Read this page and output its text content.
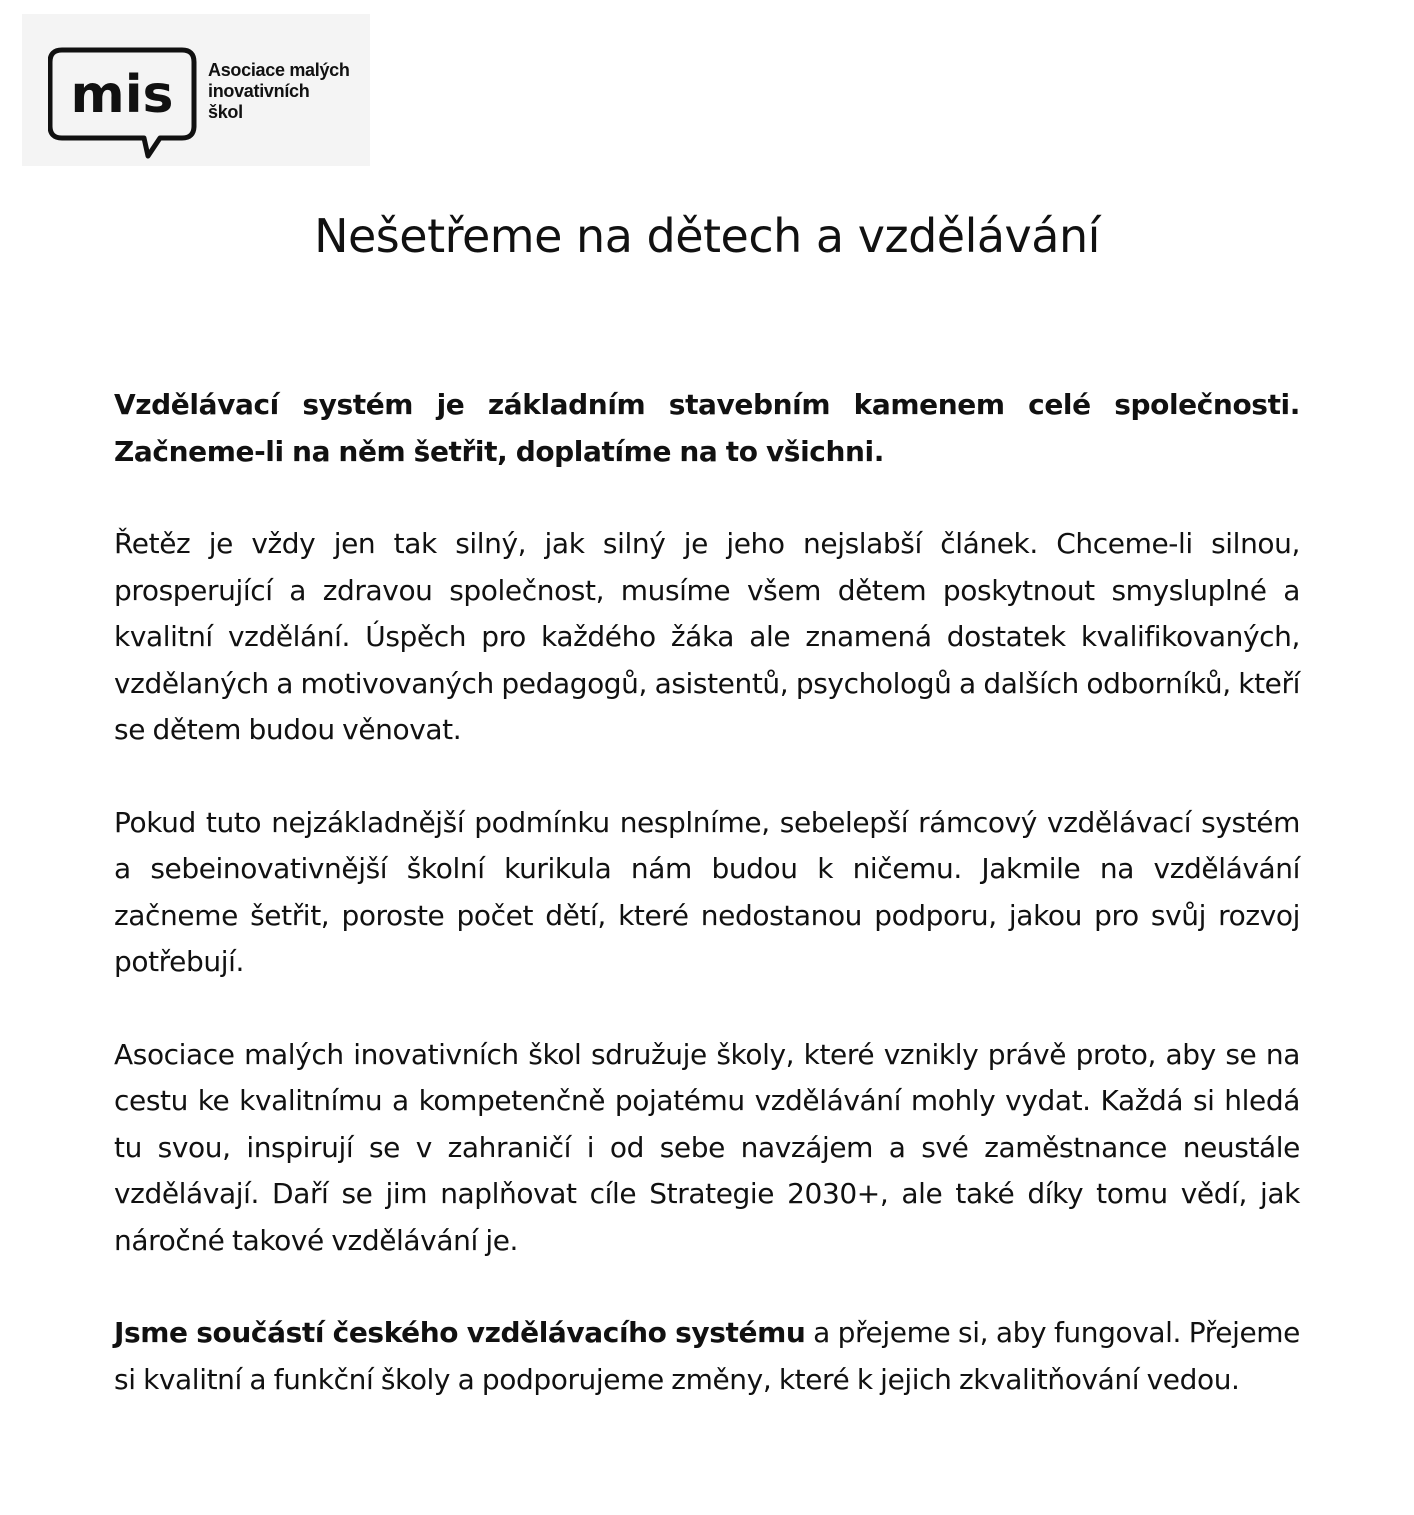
mis Asociace malých
inovativních
škol
Nešetřeme na dětech a vzdělávání

Vzdělávací systém je základním stavebním kamenem celé společnosti. Začneme-li na něm šetřit, doplatíme na to všichni.

Řetěz je vždy jen tak silný, jak silný je jeho nejslabší článek. Chceme-li silnou, prosperující a zdravou společnost, musíme všem dětem poskytnout smysluplné a kvalitní vzdělání. Úspěch pro každého žáka ale znamená dostatek kvalifikovaných, vzdělaných a motivovaných pedagogů, asistentů, psychologů a dalších odborníků, kteří se dětem budou věnovat.

Pokud tuto nejzákladnější podmínku nesplníme, sebelepší rámcový vzdělávací systém a sebeinovativnější školní kurikula nám budou k ničemu. Jakmile na vzdělávání začneme šetřit, poroste počet dětí, které nedostanou podporu, jakou pro svůj rozvoj potřebují.

Asociace malých inovativních škol sdružuje školy, které vznikly právě proto, aby se na cestu ke kvalitnímu a kompetenčně pojatému vzdělávání mohly vydat. Každá si hledá tu svou, inspirují se v zahraničí i od sebe navzájem a své zaměstnance neustále vzdělávají. Daří se jim naplňovat cíle Strategie 2030+, ale také díky tomu vědí, jak náročné takové vzdělávání je.

Jsme součástí českého vzdělávacího systému a přejeme si, aby fungoval. Přejeme si kvalitní a funkční školy a podporujeme změny, které k jejich zkvalitňování vedou.
